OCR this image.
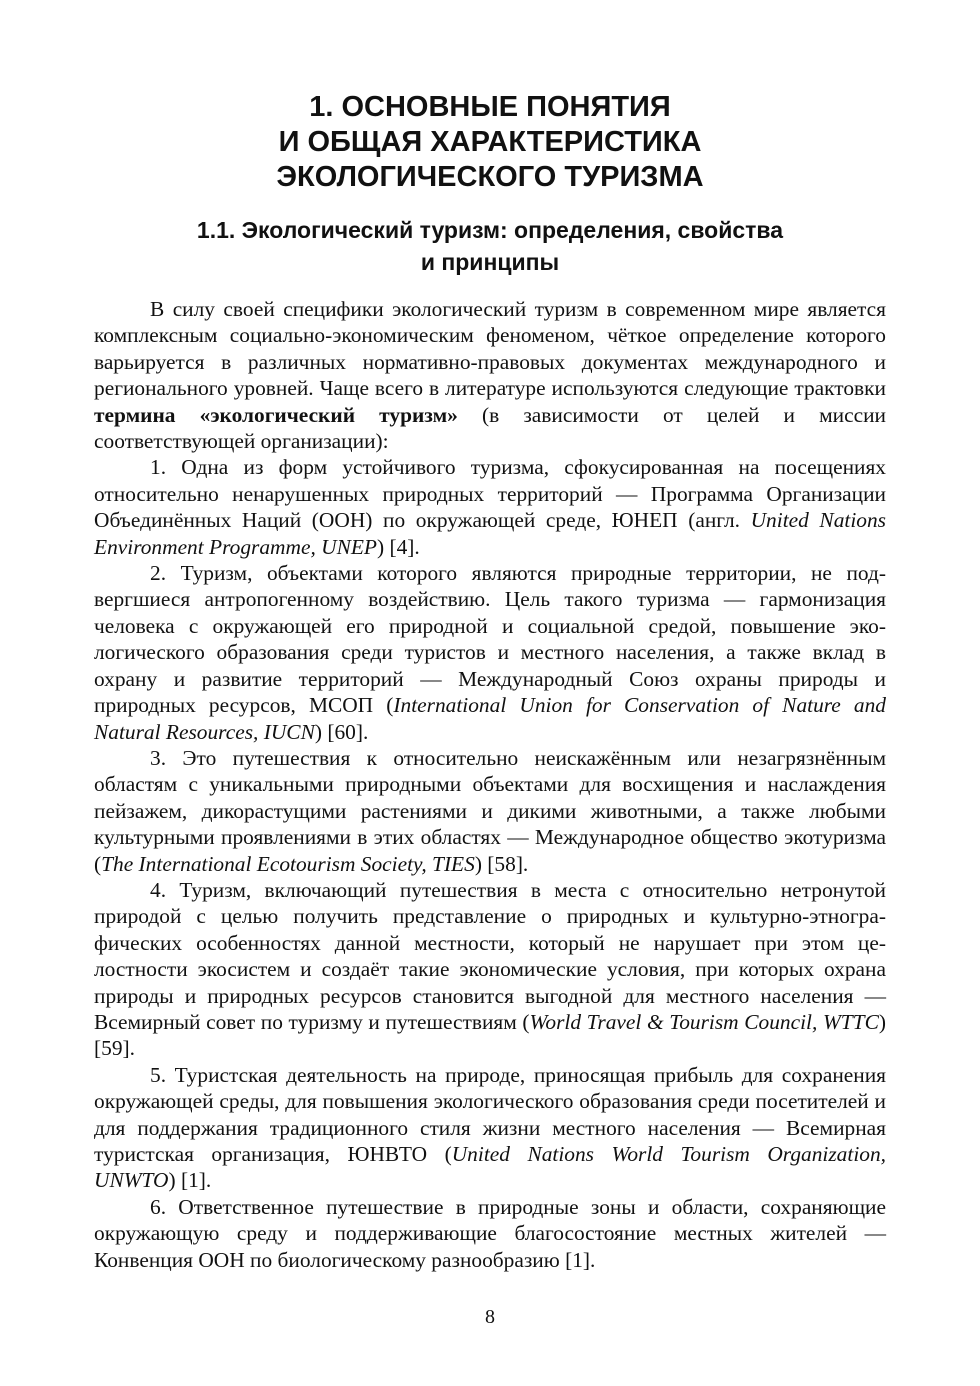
1. ОСНОВНЫЕ ПОНЯТИЯ
И ОБЩАЯ ХАРАКТЕРИСТИКА
ЭКОЛОГИЧЕСКОГО ТУРИЗМА
1.1. Экологический туризм: определения, свойства
и принципы

В силу своей специфики экологический туризм в современном мире является комплексным социально-экономическим феноменом, чёткое определение которого варьируется в различных нормативно-правовых документах международного и регионального уровней. Чаще всего в литературе используются следующие трактовки термина «экологический туризм» (в зависимости от целей и миссии соответствующей организации):

1. Одна из форм устойчивого туризма, сфокусированная на посещениях относительно ненарушенных природных территорий — Программа Организации Объединённых Наций (ООН) по окружающей среде, ЮНЕП (англ. United Nations Environment Programme, UNEP) [4].

2. Туризм, объектами которого являются природные территории, не подвергшиеся антропогенному воздействию. Цель такого туризма — гармонизация человека с окружающей его природной и социальной средой, повышение экологического образования среди туристов и местного населения, а также вклад в охрану и развитие территорий — Международный Союз охраны природы и природных ресурсов, МСОП (International Union for Conservation of Nature and Natural Resources, IUCN) [60].

3. Это путешествия к относительно неискажённым или незагрязнённым областям с уникальными природными объектами для восхищения и наслаждения пейзажем, дикорастущими растениями и дикими животными, а также любыми культурными проявлениями в этих областях — Международное общество экотуризма (The International Ecotourism Society, TIES) [58].

4. Туризм, включающий путешествия в места с относительно нетронутой природой с целью получить представление о природных и культурно-этнографических особенностях данной местности, который не нарушает при этом целостности экосистем и создаёт такие экономические условия, при которых охрана природы и природных ресурсов становится выгодной для местного населения — Всемирный совет по туризму и путешествиям (World Travel & Tourism Council, WTTC) [59].

5. Туристская деятельность на природе, приносящая прибыль для сохранения окружающей среды, для повышения экологического образования среди посетителей и для поддержания традиционного стиля жизни местного населения — Всемирная туристская организация, ЮНВТО (United Nations World Tourism Organization, UNWTO) [1].

6. Ответственное путешествие в природные зоны и области, сохраняющие окружающую среду и поддерживающие благосостояние местных жителей — Конвенция ООН по биологическому разнообразию [1].

8
